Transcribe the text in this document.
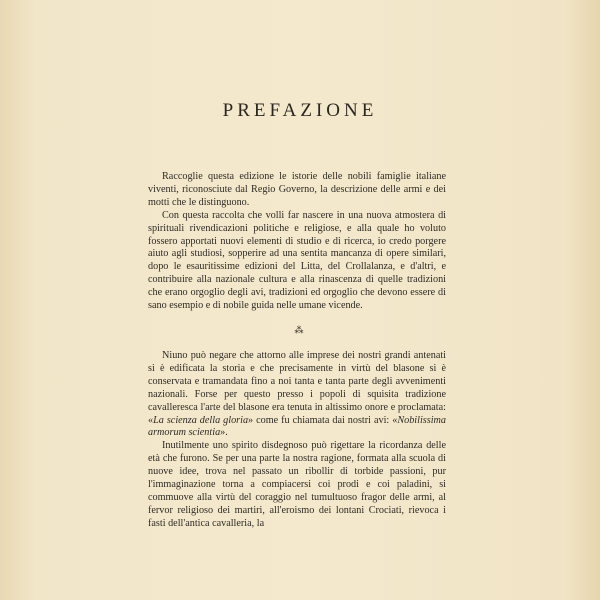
PREFAZIONE

Raccoglie questa edizione le istorie delle nobili famiglie italiane viventi, riconosciute dal Regio Governo, la descrizione delle armi e dei motti che le distinguono.

Con questa raccolta che volli far nascere in una nuova atmostera di spirituali rivendicazioni politiche e religiose, e alla quale ho voluto fossero apportati nuovi elementi di studio e di ricerca, io credo porgere aiuto agli studiosi, sopperire ad una sentita mancanza di opere similari, dopo le esauritissime edizioni del Litta, del Crollalanza, e d'altri, e contribuire alla nazionale cultura e alla rinascenza di quelle tradizioni che erano orgoglio degli avi, tradizioni ed orgoglio che devono essere di sano esempio e di nobile guida nelle umane vicende.

⁂

Niuno può negare che attorno alle imprese dei nostri grandi antenati si è edificata la storia e che precisamente in virtù del blasone si è conservata e tramandata fino a noi tanta e tanta parte degli avvenimenti nazionali. Forse per questo presso i popoli di squisita tradizione cavalleresca l'arte del blasone era tenuta in altissimo onore e proclamata: «La scienza della gloria» come fu chiamata dai nostri avi: «Nobilissima armorum scientia».

Inutilmente uno spirito disdegnoso può rigettare la ricordanza delle età che furono. Se per una parte la nostra ragione, formata alla scuola di nuove idee, trova nel passato un ribollir di torbide passioni, pur l'immaginazione torna a compiacersi coi prodi e coi paladini, si commuove alla virtù del coraggio nel tumultuoso fragor delle armi, al fervor religioso dei martiri, all'eroismo dei lontani Crociati, rievoca i fasti dell'antica cavalleria, la
